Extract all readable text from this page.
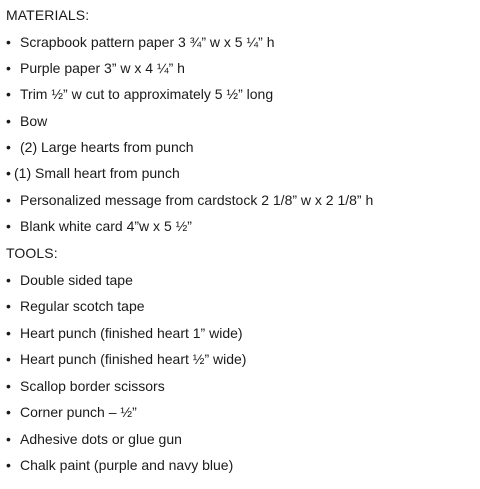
MATERIALS:
• Scrapbook pattern paper 3 ¾” w x 5 ¼” h
• Purple paper 3” w x 4 ¼” h
• Trim ½” w cut to approximately 5 ½” long
• Bow
• (2) Large hearts from punch
• (1) Small heart from punch
• Personalized message from cardstock 2 1/8” w x 2 1/8” h
• Blank white card 4”w x 5 ½”
TOOLS:
• Double sided tape
• Regular scotch tape
• Heart punch (finished heart 1” wide)
• Heart punch (finished heart ½” wide)
• Scallop border scissors
• Corner punch – ½”
• Adhesive dots or glue gun
• Chalk paint (purple and navy blue)
